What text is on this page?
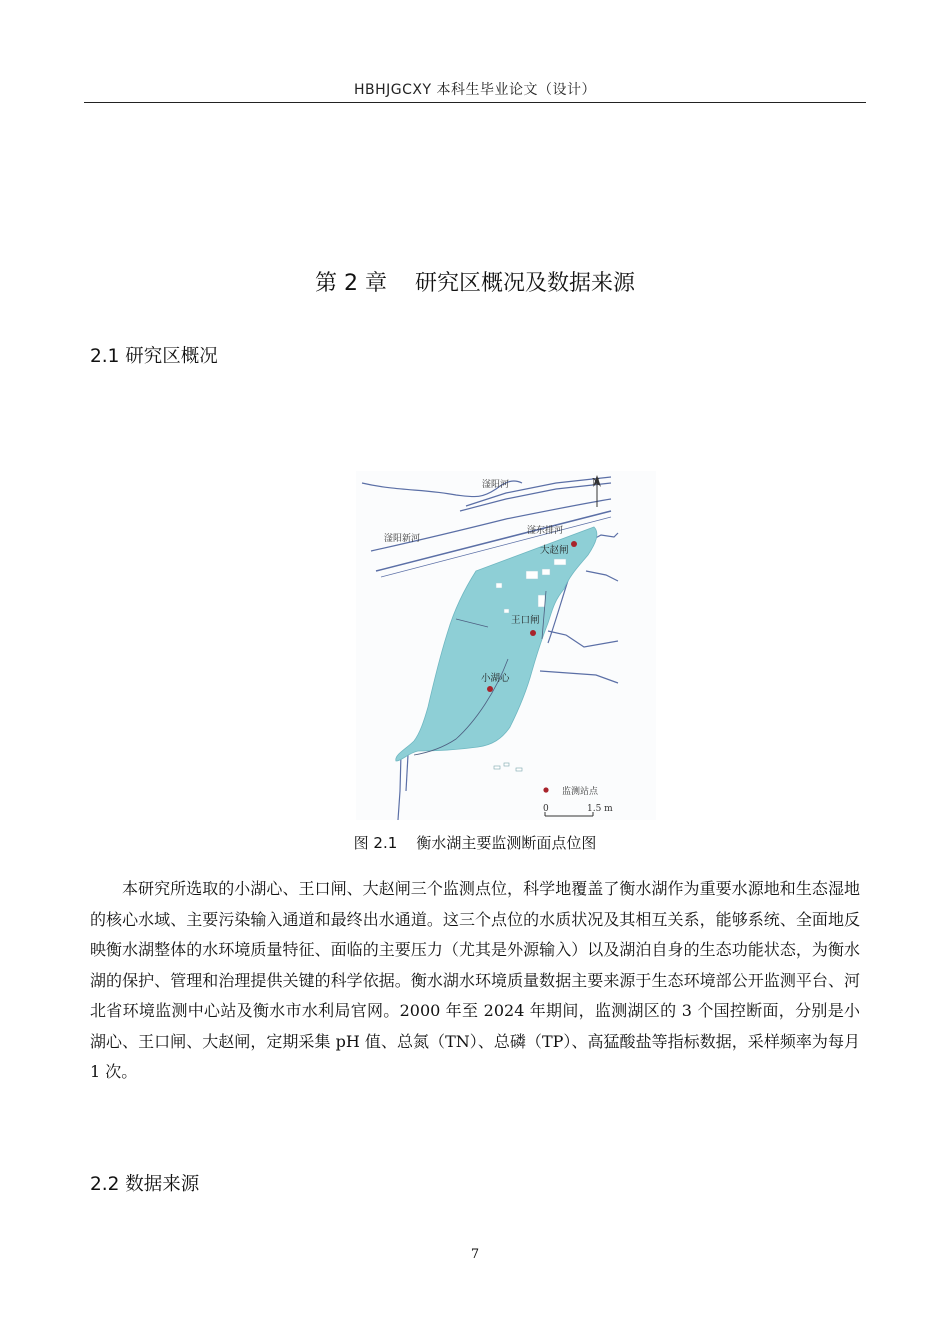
HBHJGCXY 本科生毕业论文（设计）
第 2 章    研究区概况及数据来源
2.1 研究区概况
滏阳河
滏阳新河
滏东排河
N
大赵闸
王口闸
小湖心
监测站点
0	1.5 m
图 2.1    衡水湖主要监测断面点位图

本研究所选取的小湖心、王口闸、大赵闸三个监测点位，科学地覆盖了衡水湖作为重要水源地和生态湿地的核心水域、主要污染输入通道和最终出水通道。这三个点位的水质状况及其相互关系，能够系统、全面地反映衡水湖整体的水环境质量特征、面临的主要压力（尤其是外源输入）以及湖泊自身的生态功能状态，为衡水湖的保护、管理和治理提供关键的科学依据。衡水湖水环境质量数据主要来源于生态环境部公开监测平台、河北省环境监测中心站及衡水市水利局官网。2000 年至 2024 年期间，监测湖区的 3 个国控断面，分别是小湖心、王口闸、大赵闸，定期采集 pH 值、总氮（TN）、总磷（TP）、高猛酸盐等指标数据，采样频率为每月 1 次。

2.2 数据来源
7
